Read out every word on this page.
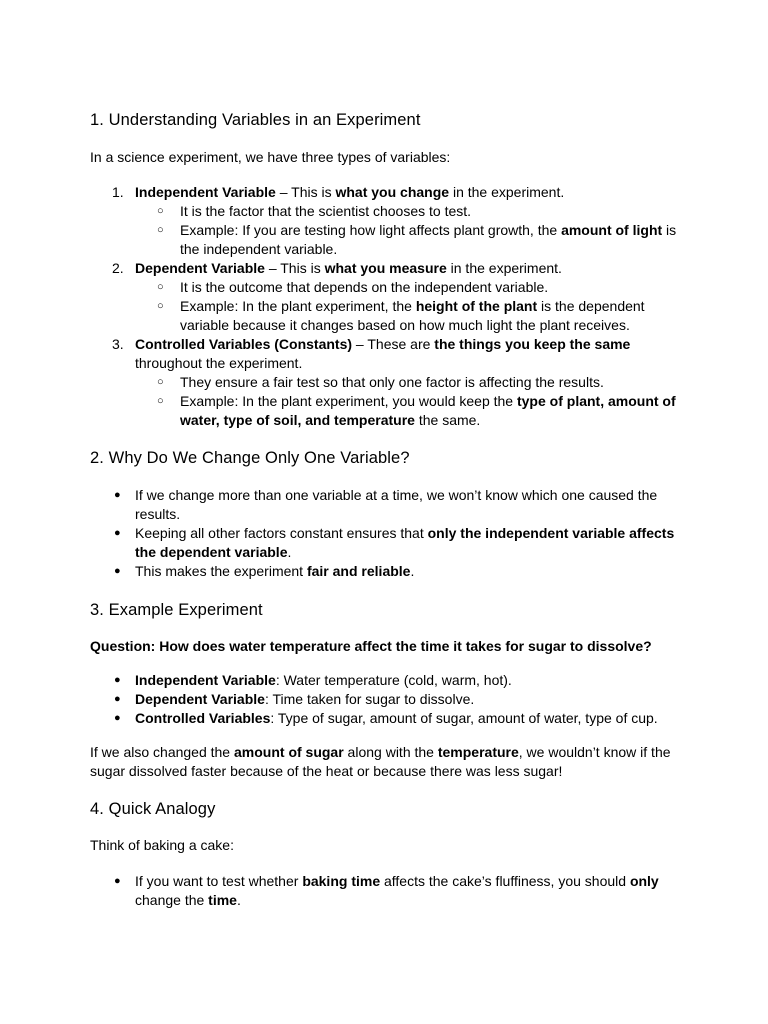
1. Understanding Variables in an Experiment

In a science experiment, we have three types of variables:

1. Independent Variable – This is what you change in the experiment.
○ It is the factor that the scientist chooses to test.
○ Example: If you are testing how light affects plant growth, the amount of light is the independent variable.
2. Dependent Variable – This is what you measure in the experiment.
○ It is the outcome that depends on the independent variable.
○ Example: In the plant experiment, the height of the plant is the dependent variable because it changes based on how much light the plant receives.
3. Controlled Variables (Constants) – These are the things you keep the same throughout the experiment.
○ They ensure a fair test so that only one factor is affecting the results.
○ Example: In the plant experiment, you would keep the type of plant, amount of water, type of soil, and temperature the same.
2. Why Do We Change Only One Variable?
● If we change more than one variable at a time, we won’t know which one caused the results.
● Keeping all other factors constant ensures that only the independent variable affects the dependent variable.
● This makes the experiment fair and reliable.
3. Example Experiment

Question: How does water temperature affect the time it takes for sugar to dissolve?

● Independent Variable: Water temperature (cold, warm, hot).
● Dependent Variable: Time taken for sugar to dissolve.
● Controlled Variables: Type of sugar, amount of sugar, amount of water, type of cup.

If we also changed the amount of sugar along with the temperature, we wouldn’t know if the sugar dissolved faster because of the heat or because there was less sugar!

4. Quick Analogy

Think of baking a cake:

● If you want to test whether baking time affects the cake’s fluffiness, you should only change the time.
